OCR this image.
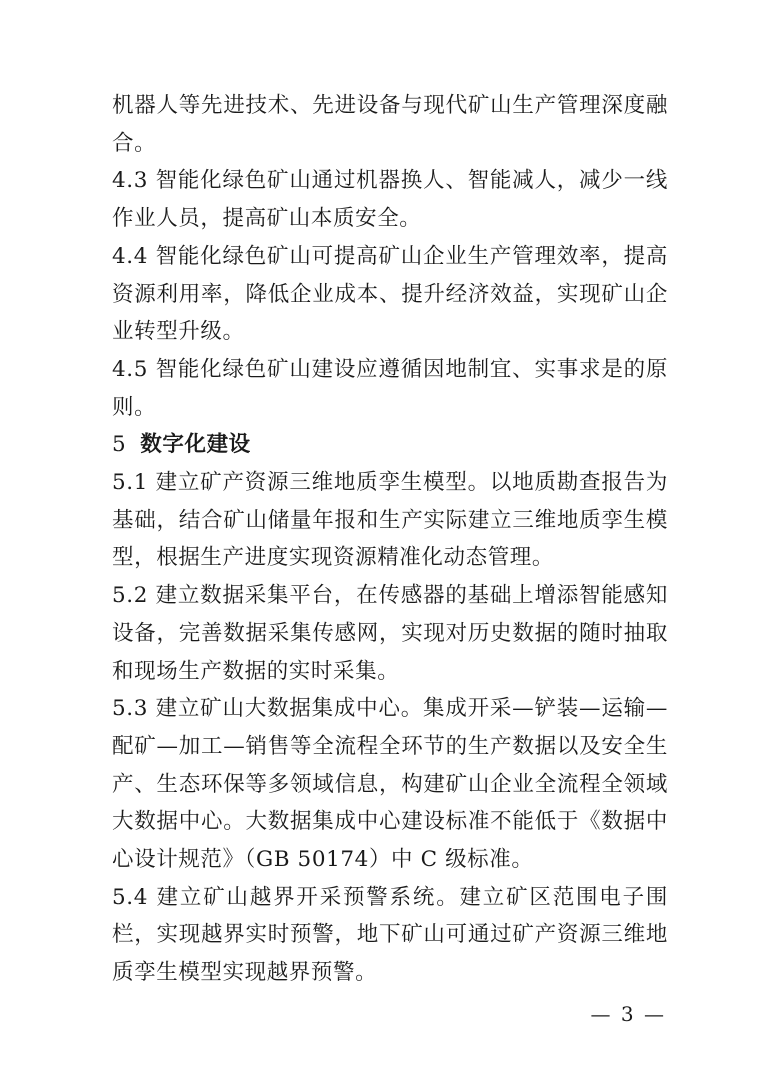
机器人等先进技术、先进设备与现代矿山生产管理深度融合。

4.3 智能化绿色矿山通过机器换人、智能减人，减少一线作业人员，提高矿山本质安全。

4.4 智能化绿色矿山可提高矿山企业生产管理效率，提高资源利用率，降低企业成本、提升经济效益，实现矿山企业转型升级。

4.5 智能化绿色矿山建设应遵循因地制宜、实事求是的原则。

5 数字化建设

5.1 建立矿产资源三维地质孪生模型。以地质勘查报告为基础，结合矿山储量年报和生产实际建立三维地质孪生模型，根据生产进度实现资源精准化动态管理。

5.2 建立数据采集平台，在传感器的基础上增添智能感知设备，完善数据采集传感网，实现对历史数据的随时抽取和现场生产数据的实时采集。

5.3 建立矿山大数据集成中心。集成开采—铲装—运输—配矿—加工—销售等全流程全环节的生产数据以及安全生产、生态环保等多领域信息，构建矿山企业全流程全领域大数据中心。大数据集成中心建设标准不能低于《数据中心设计规范》（GB 50174）中 C 级标准。

5.4 建立矿山越界开采预警系统。建立矿区范围电子围栏，实现越界实时预警，地下矿山可通过矿产资源三维地质孪生模型实现越界预警。

— 3 —
